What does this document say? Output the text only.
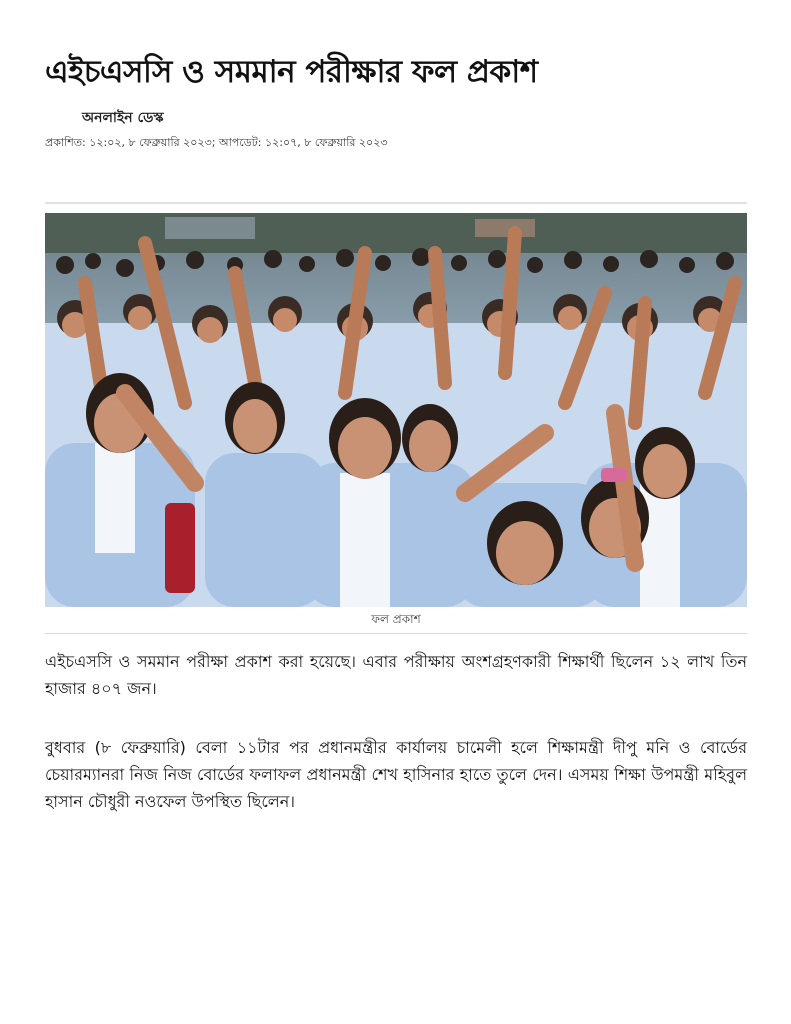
এইচএসসি ও সমমান পরীক্ষার ফল প্রকাশ
অনলাইন ডেস্ক
প্রকাশিত: ১২:০২, ৮ ফেব্রুয়ারি ২০২৩; আপডেট: ১২:০৭, ৮ ফেব্রুয়ারি ২০২৩
ফল প্রকাশ

এইচএসসি ও সমমান পরীক্ষা প্রকাশ করা হয়েছে। এবার পরীক্ষায় অংশগ্রহণকারী শিক্ষার্থী ছিলেন ১২ লাখ তিন হাজার ৪০৭ জন।

বুধবার (৮ ফেব্রুয়ারি) বেলা ১১টার পর প্রধানমন্ত্রীর কার্যালয় চামেলী হলে শিক্ষামন্ত্রী দীপু মনি ও বোর্ডের চেয়ারম্যানরা নিজ নিজ বোর্ডের ফলাফল প্রধানমন্ত্রী শেখ হাসিনার হাতে তুলে দেন। এসময় শিক্ষা উপমন্ত্রী মহিবুল হাসান চৌধুরী নওফেল উপস্থিত ছিলেন।
